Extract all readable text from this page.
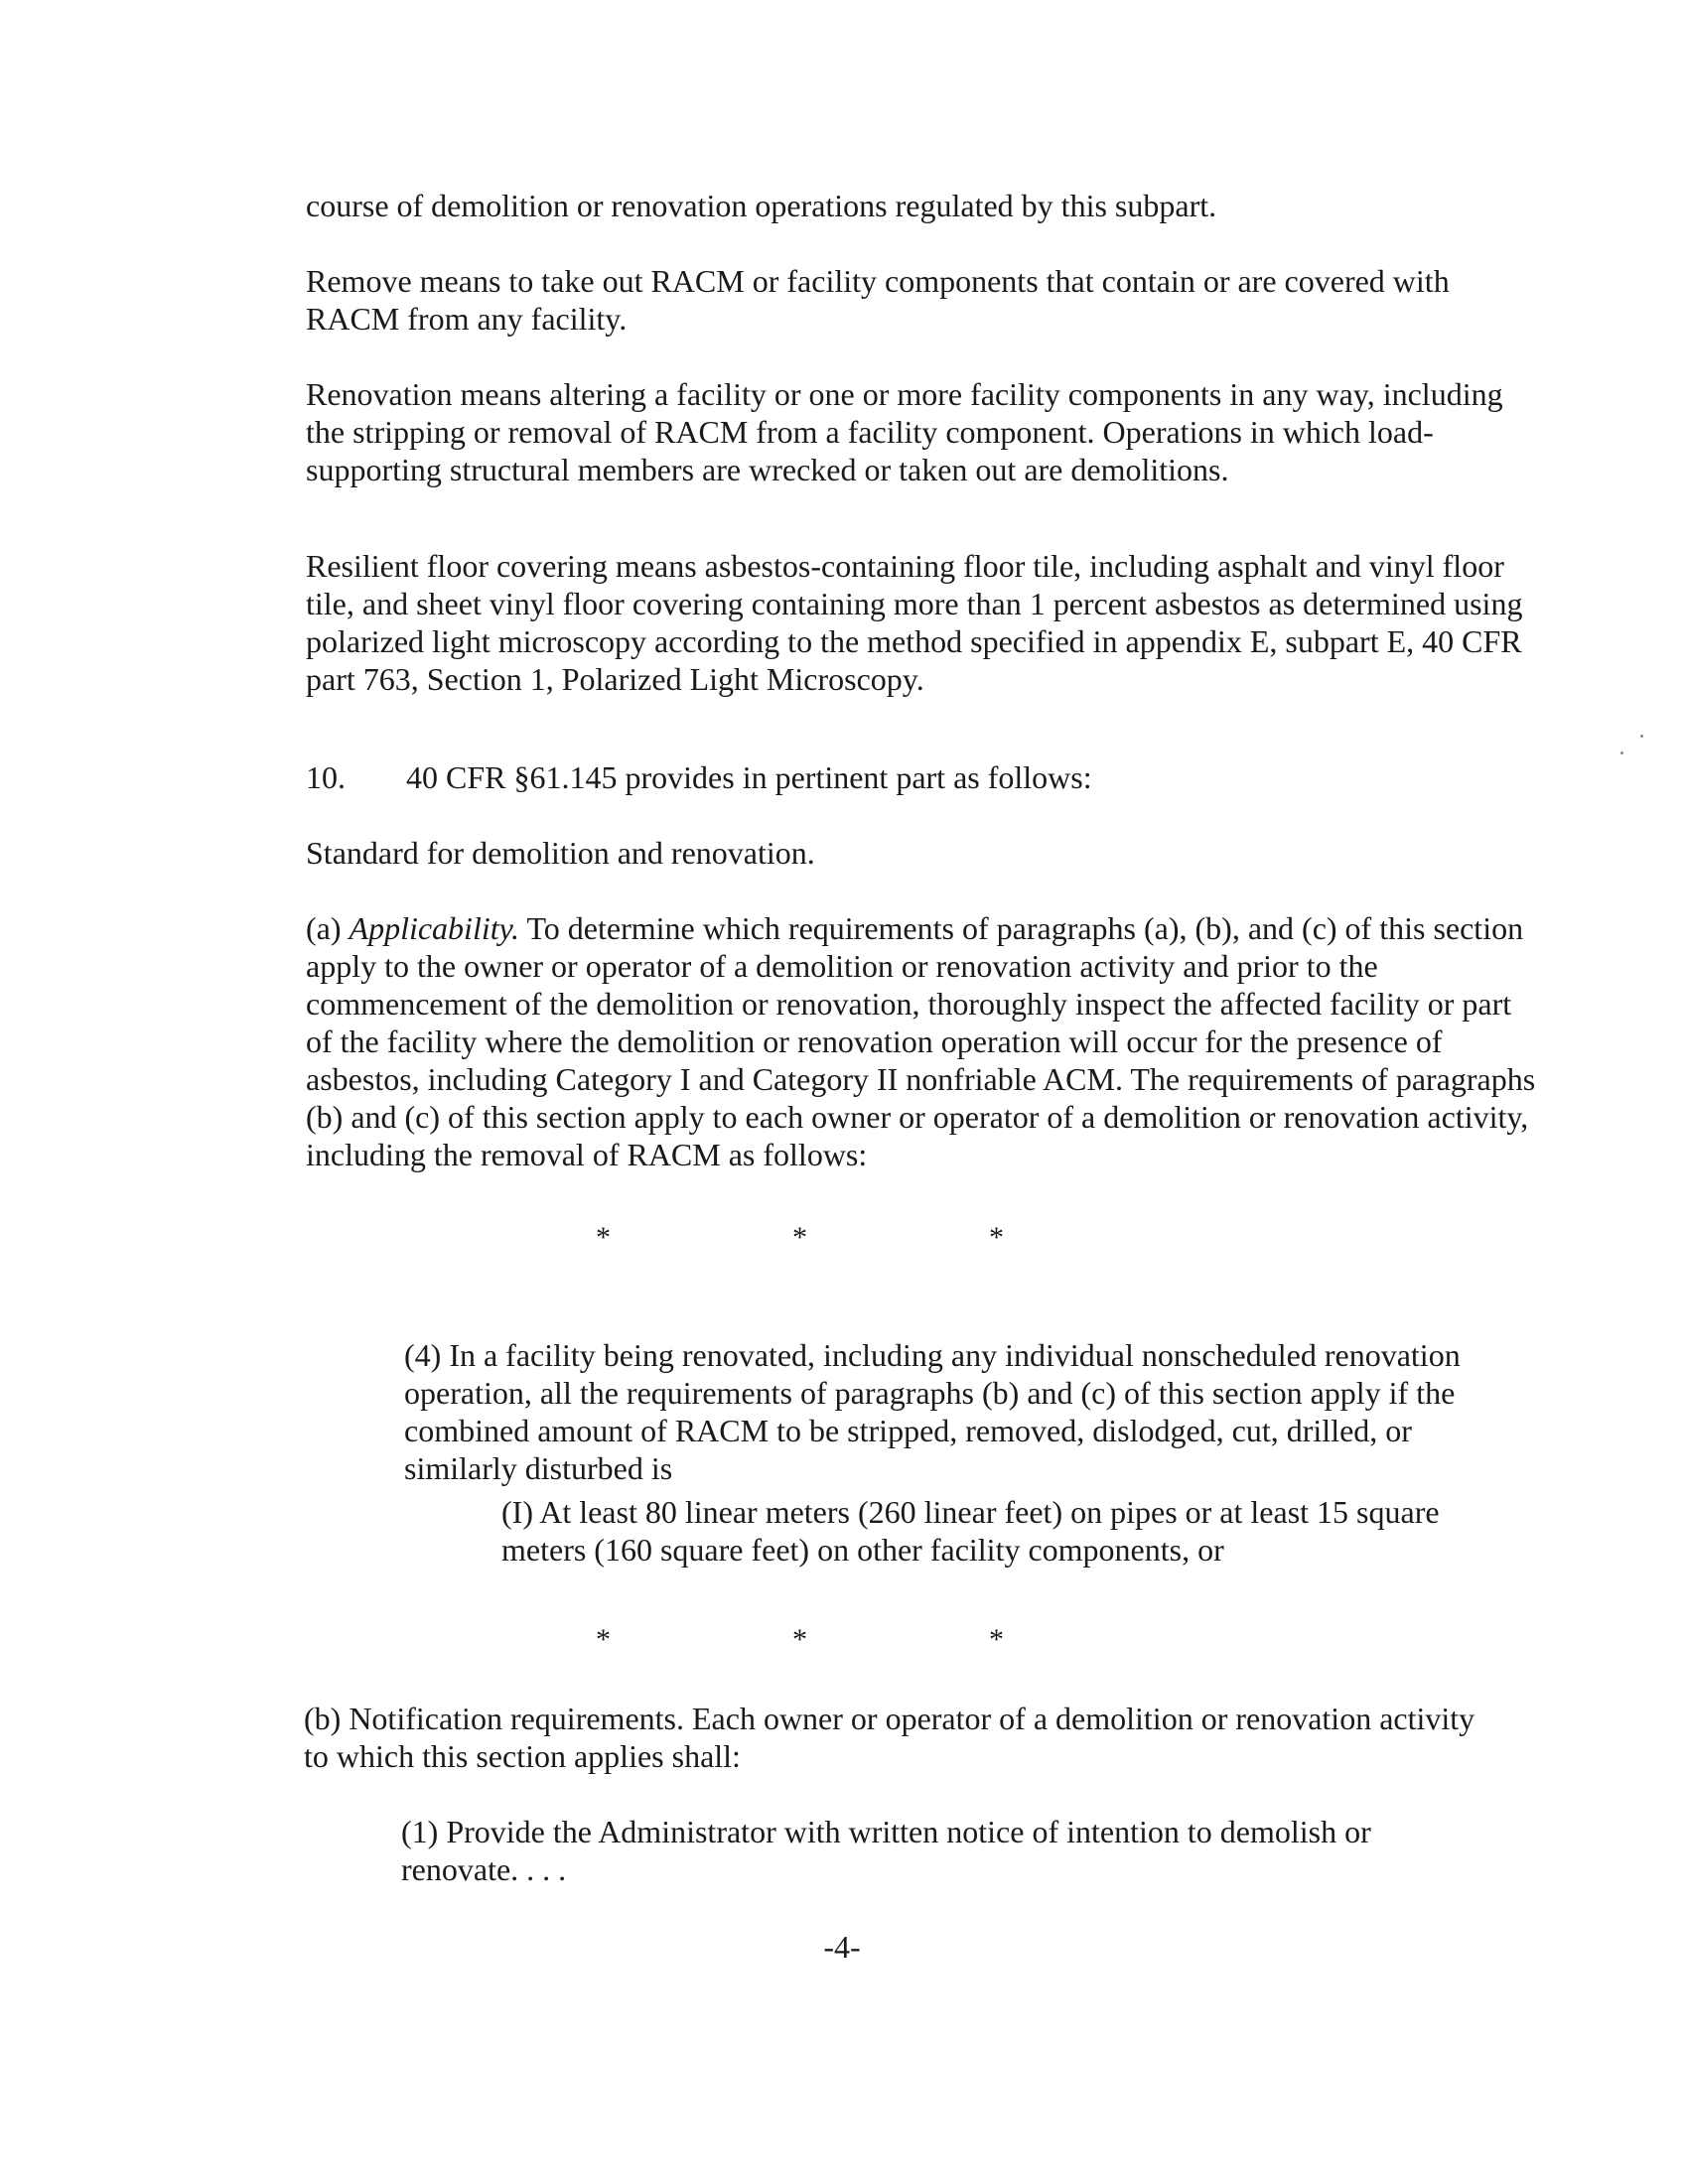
course of demolition or renovation operations regulated by this subpart.

Remove means to take out RACM or facility components that contain or are covered with RACM from any facility.

Renovation means altering a facility or one or more facility components in any way, including the stripping or removal of RACM from a facility component. Operations in which load-supporting structural members are wrecked or taken out are demolitions.

Resilient floor covering means asbestos-containing floor tile, including asphalt and vinyl floor tile, and sheet vinyl floor covering containing more than 1 percent asbestos as determined using polarized light microscopy according to the method specified in appendix E, subpart E, 40 CFR part 763, Section 1, Polarized Light Microscopy.

10. 40 CFR §61.145 provides in pertinent part as follows:

Standard for demolition and renovation.

(a) Applicability. To determine which requirements of paragraphs (a), (b), and (c) of this section apply to the owner or operator of a demolition or renovation activity and prior to the commencement of the demolition or renovation, thoroughly inspect the affected facility or part of the facility where the demolition or renovation operation will occur for the presence of asbestos, including Category I and Category II nonfriable ACM. The requirements of paragraphs (b) and (c) of this section apply to each owner or operator of a demolition or renovation activity, including the removal of RACM as follows:

*	*	*

(4) In a facility being renovated, including any individual nonscheduled renovation operation, all the requirements of paragraphs (b) and (c) of this section apply if the combined amount of RACM to be stripped, removed, dislodged, cut, drilled, or similarly disturbed is

(I) At least 80 linear meters (260 linear feet) on pipes or at least 15 square meters (160 square feet) on other facility components, or

*	*	*

(b) Notification requirements. Each owner or operator of a demolition or renovation activity to which this section applies shall:

(1) Provide the Administrator with written notice of intention to demolish or renovate. . . .

-4-
